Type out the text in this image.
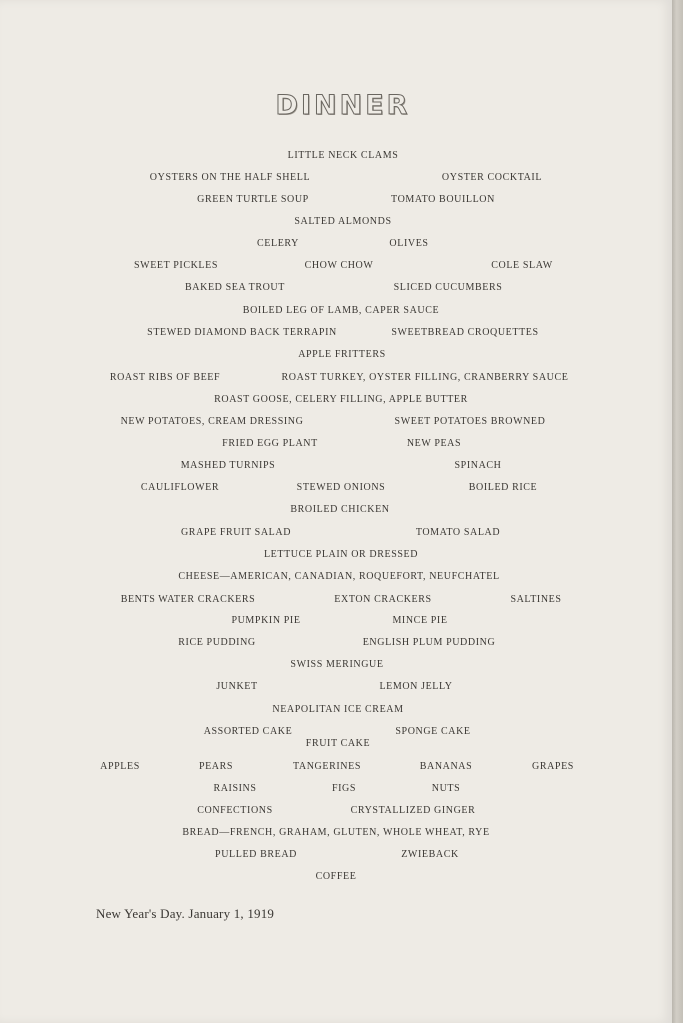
DINNER
LITTLE NECK CLAMS
OYSTERS ON THE HALF SHELL	OYSTER COCKTAIL
GREEN TURTLE SOUP	TOMATO BOUILLON
SALTED ALMONDS
CELERY	OLIVES
SWEET PICKLES	CHOW CHOW	COLE SLAW
BAKED SEA TROUT	SLICED CUCUMBERS
BOILED LEG OF LAMB, CAPER SAUCE
STEWED DIAMOND BACK TERRAPIN	SWEETBREAD CROQUETTES
APPLE FRITTERS
ROAST RIBS OF BEEF	ROAST TURKEY, OYSTER FILLING, CRANBERRY SAUCE
ROAST GOOSE, CELERY FILLING, APPLE BUTTER
NEW POTATOES, CREAM DRESSING	SWEET POTATOES BROWNED
FRIED EGG PLANT	NEW PEAS
MASHED TURNIPS	SPINACH
CAULIFLOWER	STEWED ONIONS	BOILED RICE
BROILED CHICKEN
GRAPE FRUIT SALAD	TOMATO SALAD
LETTUCE PLAIN OR DRESSED
CHEESE—AMERICAN, CANADIAN, ROQUEFORT, NEUFCHATEL
BENTS WATER CRACKERS	EXTON CRACKERS	SALTINES
PUMPKIN PIE	MINCE PIE
RICE PUDDING	ENGLISH PLUM PUDDING
SWISS MERINGUE
JUNKET	LEMON JELLY
NEAPOLITAN ICE CREAM
ASSORTED CAKE	SPONGE CAKE
FRUIT CAKE
APPLES	PEARS	TANGERINES	BANANAS	GRAPES
RAISINS	FIGS	NUTS
CONFECTIONS	CRYSTALLIZED GINGER
BREAD—FRENCH, GRAHAM, GLUTEN, WHOLE WHEAT, RYE
PULLED BREAD	ZWIEBACK
COFFEE
New Year's Day. January 1, 1919
